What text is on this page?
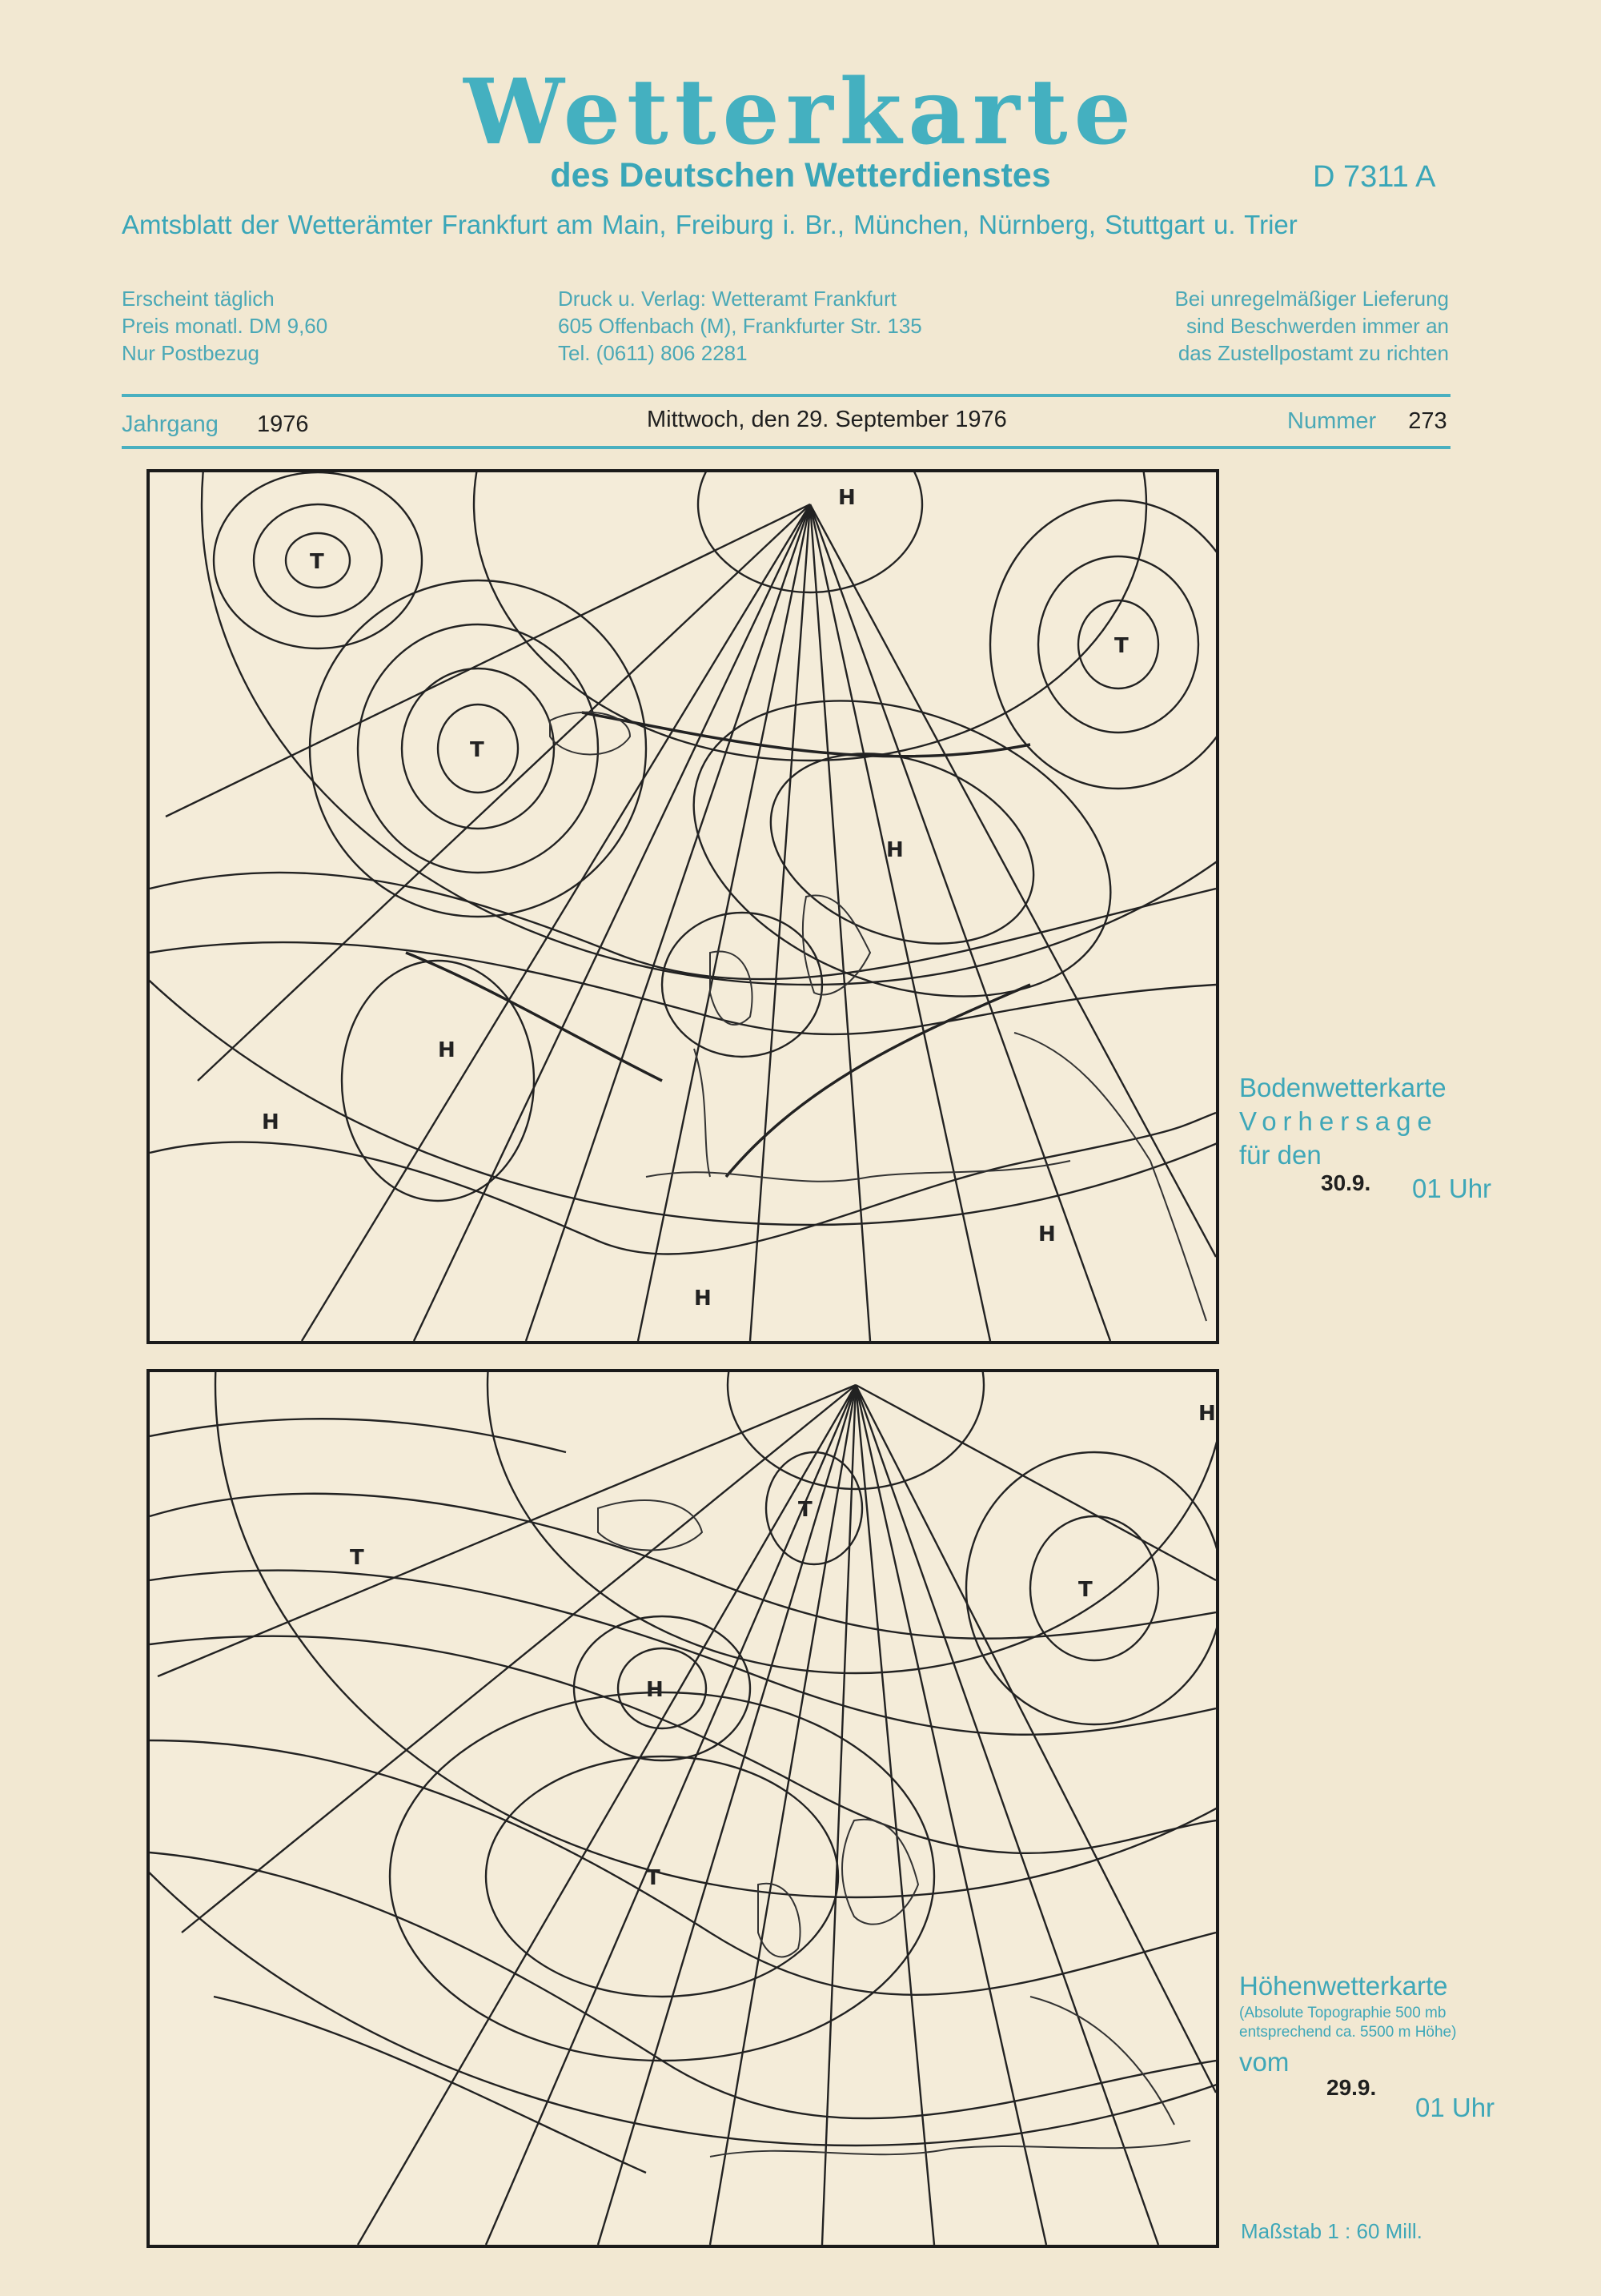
Wetterkarte
des Deutschen Wetterdienstes	D 7311 A
Amtsblatt der Wetterämter Frankfurt am Main, Freiburg i. Br., München, Nürnberg, Stuttgart u. Trier
Erscheint täglich
Preis monatl. DM 9,60
Nur Postbezug
Druck u. Verlag: Wetteramt Frankfurt
605 Offenbach (M), Frankfurter Str. 135
Tel. (0611) 806 2281
Bei unregelmäßiger Lieferung
sind Beschwerden immer an
das Zustellpostamt zu richten
Jahrgang 1976	Mittwoch, den 29. September 1976	Nummer 273
T
T
T
H
H
H
H
H
H
Bodenwetterkarte
Vorhersage
für den
30.9. 01 Uhr
T
H
T
T
T
H
Höhenwetterkarte
(Absolute Topographie 500 mb
entsprechend ca. 5500 m Höhe)
vom
29.9.
01 Uhr
Maßstab 1 : 60 Mill.
